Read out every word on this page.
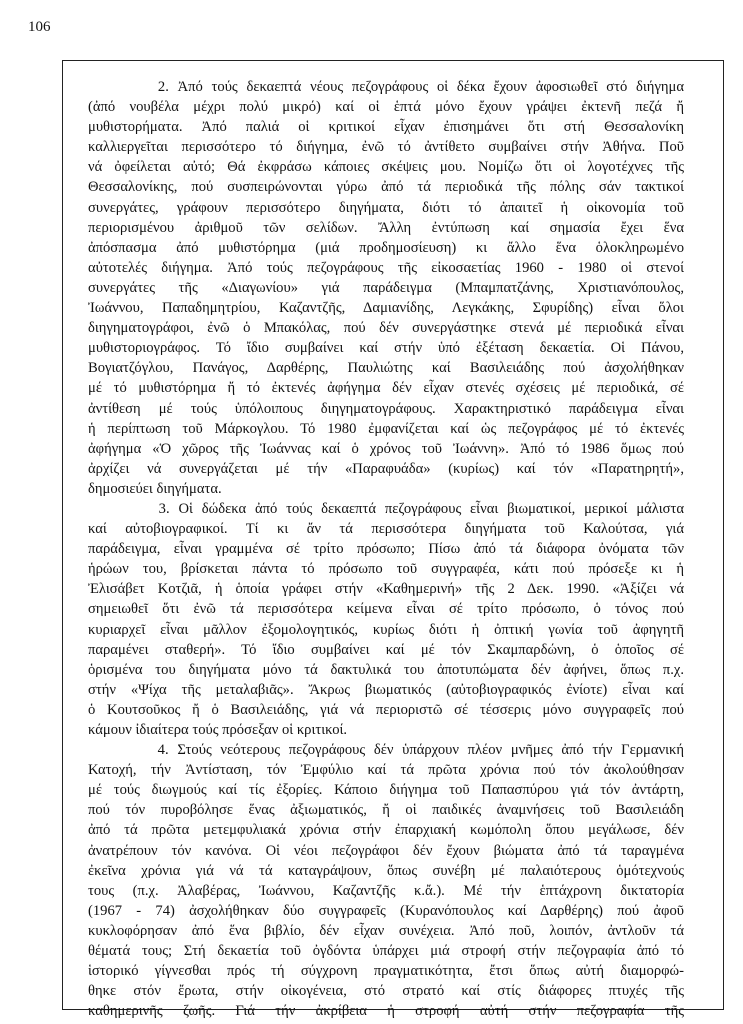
106

2. Ἀπό τούς δεκαεπτά νέους πεζογράφους οἱ δέκα ἔχουν ἀφοσιωθεῖ στό διήγημα
(ἀπό νουβέλα μέχρι πολύ μικρό) καί οἱ ἑπτά μόνο ἔχουν γράψει ἐκτενῆ πεζά ἤ
μυθιστορήματα. Ἀπό παλιά οἱ κριτικοί εἶχαν ἐπισημάνει ὅτι στή Θεσσαλονίκη
καλλιεργεῖται περισσότερο τό διήγημα, ἐνῶ τό ἀντίθετο συμβαίνει στήν Ἀθήνα. Ποῦ
νά ὀφείλεται αὐτό; Θά ἐκφράσω κάποιες σκέψεις μου. Νομίζω ὅτι οἱ λογοτέχνες τῆς
Θεσσαλονίκης, πού συσπειρώνονται γύρω ἀπό τά περιοδικά τῆς πόλης σάν τακτικοί
συνεργάτες, γράφουν περισσότερο διηγήματα, διότι τό ἀπαιτεῖ ἡ οἰκονομία τοῦ
περιορισμένου ἀριθμοῦ τῶν σελίδων. Ἄλλη ἐντύπωση καί σημασία ἔχει ἕνα
ἀπόσπασμα ἀπό μυθιστόρημα (μιά προδημοσίευση) κι ἄλλο ἕνα ὁλοκληρωμένο
αὐτοτελές διήγημα. Ἀπό τούς πεζογράφους τῆς εἰκοσαετίας 1960 - 1980 οἱ στενοί
συνεργάτες τῆς «Διαγωνίου» γιά παράδειγμα (Μπαμπατζάνης, Χριστιανόπουλος,
Ἰωάννου, Παπαδημητρίου, Καζαντζῆς, Δαμιανίδης, Λεγκάκης, Σφυρίδης) εἶναι ὅλοι
διηγηματογράφοι, ἐνῶ ὁ Μπακόλας, πού δέν συνεργάστηκε στενά μέ περιοδικά εἶναι
μυθιστοριογράφος. Τό ἴδιο συμβαίνει καί στήν ὑπό ἐξέταση δεκαετία. Οἱ Πάνου,
Βογιατζόγλου, Πανάγος, Δαρθέρης, Παυλιώτης καί Βασιλειάδης πού ἀσχολήθηκαν
μέ τό μυθιστόρημα ἤ τό ἐκτενές ἀφήγημα δέν εἶχαν στενές σχέσεις μέ περιοδικά, σέ
ἀντίθεση μέ τούς ὑπόλοιπους διηγηματογράφους. Χαρακτηριστικό παράδειγμα εἶναι
ἡ περίπτωση τοῦ Μάρκογλου. Τό 1980 ἐμφανίζεται καί ὡς πεζογράφος μέ τό ἐκτενές
ἀφήγημα «Ὁ χῶρος τῆς Ἰωάννας καί ὁ χρόνος τοῦ Ἰωάννη». Ἀπό τό 1986 ὅμως πού
ἀρχίζει νά συνεργάζεται μέ τήν «Παραφυάδα» (κυρίως) καί τόν «Παρατηρητή»,
δημοσιεύει διηγήματα.

3. Οἱ δώδεκα ἀπό τούς δεκαεπτά πεζογράφους εἶναι βιωματικοί, μερικοί μάλιστα
καί αὐτοβιογραφικοί. Τί κι ἄν τά περισσότερα διηγήματα τοῦ Καλούτσα, γιά
παράδειγμα, εἶναι γραμμένα σέ τρίτο πρόσωπο; Πίσω ἀπό τά διάφορα ὀνόματα τῶν
ἡρώων του, βρίσκεται πάντα τό πρόσωπο τοῦ συγγραφέα, κάτι πού πρόσεξε κι ἡ
Ἐλισάβετ Κοτζιᾶ, ἡ ὁποία γράφει στήν «Καθημερινή» τῆς 2 Δεκ. 1990. «Ἀξίζει νά
σημειωθεῖ ὅτι ἐνῶ τά περισσότερα κείμενα εἶναι σέ τρίτο πρόσωπο, ὁ τόνος πού
κυριαρχεῖ εἶναι μᾶλλον ἐξομολογητικός, κυρίως διότι ἡ ὀπτική γωνία τοῦ ἀφηγητῆ
παραμένει σταθερή». Τό ἴδιο συμβαίνει καί μέ τόν Σκαμπαρδώνη, ὁ ὁποῖος σέ
ὁρισμένα του διηγήματα μόνο τά δακτυλικά του ἀποτυπώματα δέν ἀφήνει, ὅπως π.χ.
στήν «Ψίχα τῆς μεταλαβιᾶς». Ἄκρως βιωματικός (αὐτοβιογραφικός ἐνίοτε) εἶναι καί
ὁ Κουτσοῦκος ἤ ὁ Βασιλειάδης, γιά νά περιοριστῶ σέ τέσσερις μόνο συγγραφεῖς πού
κάμουν ἰδιαίτερα τούς πρόσεξαν οἱ κριτικοί.

4. Στούς νεότερους πεζογράφους δέν ὑπάρχουν πλέον μνῆμες ἀπό τήν Γερμανική
Κατοχή, τήν Ἀντίσταση, τόν Ἐμφύλιο καί τά πρῶτα χρόνια πού τόν ἀκολούθησαν
μέ τούς διωγμούς καί τίς ἐξορίες. Κάποιο διήγημα τοῦ Παπασπύρου γιά τόν ἀντάρτη,
πού τόν πυροβόλησε ἕνας ἀξιωματικός, ἤ οἱ παιδικές ἀναμνήσεις τοῦ Βασιλειάδη
ἀπό τά πρῶτα μετεμφυλιακά χρόνια στήν ἐπαρχιακή κωμόπολη ὅπου μεγάλωσε, δέν
ἀνατρέπουν τόν κανόνα. Οἱ νέοι πεζογράφοι δέν ἔχουν βιώματα ἀπό τά ταραγμένα
ἐκεῖνα χρόνια γιά νά τά καταγράψουν, ὅπως συνέβη μέ παλαιότερους ὁμότεχνούς
τους (π.χ. Ἀλαβέρας, Ἰωάννου, Καζαντζῆς κ.ἄ.). Μέ τήν ἑπτάχρονη δικτατορία
(1967 - 74) ἀσχολήθηκαν δύο συγγραφεῖς (Κυρανόπουλος καί Δαρθέρης) πού ἀφοῦ
κυκλοφόρησαν ἀπό ἕνα βιβλίο, δέν εἶχαν συνέχεια. Ἀπό ποῦ, λοιπόν, ἀντλοῦν τά
θέματά τους; Στή δεκαετία τοῦ ὀγδόντα ὑπάρχει μιά στροφή στήν πεζογραφία ἀπό τό
ἱστορικό γίγνεσθαι πρός τή σύγχρονη πραγματικότητα, ἔτσι ὅπως αὐτή διαμορφώ-
θηκε στόν ἔρωτα, στήν οἰκογένεια, στό στρατό καί στίς διάφορες πτυχές τῆς
καθημερινῆς ζωῆς. Γιά τήν ἀκρίβεια ἡ στροφή αὐτή στήν πεζογραφία τῆς
